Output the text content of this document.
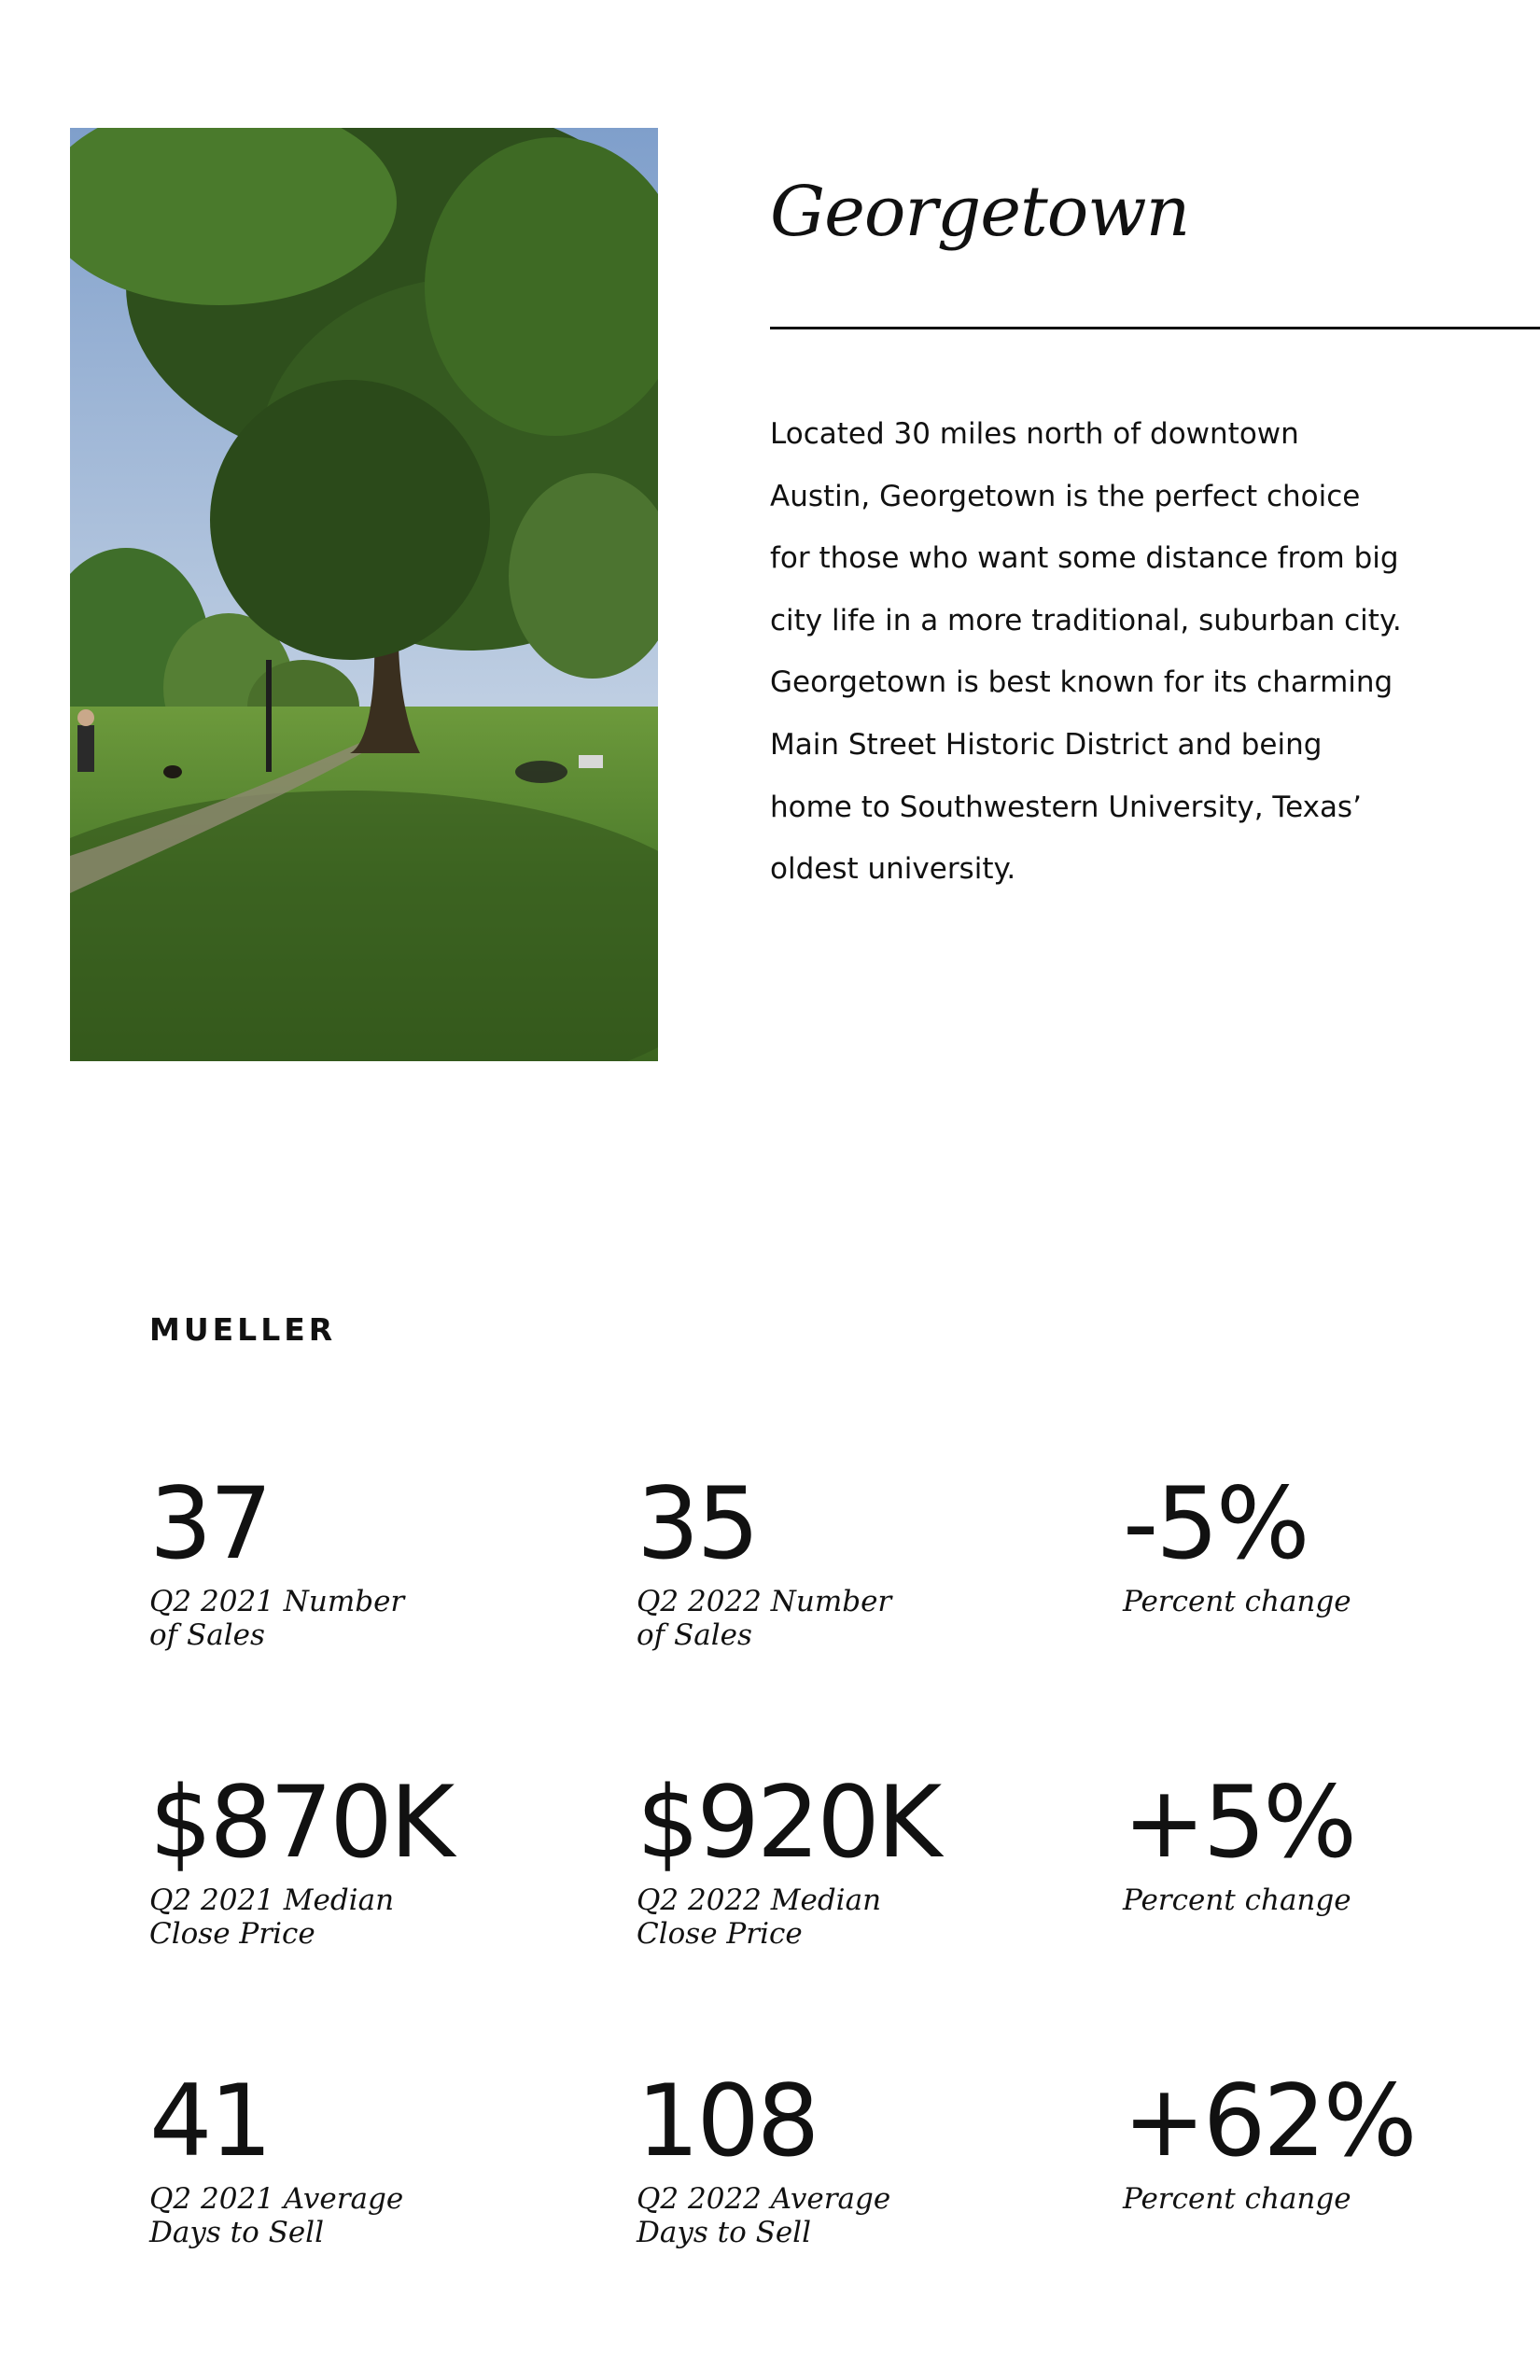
Georgetown

Located 30 miles north of downtown
Austin, Georgetown is the perfect choice
for those who want some distance from big
city life in a more traditional, suburban city.
Georgetown is best known for its charming
Main Street Historic District and being
home to Southwestern University, Texas’
oldest university.

MUELLER
37
Q2 2021 Number
of Sales
35
Q2 2022 Number
of Sales
-5%
Percent change
$870K
Q2 2021 Median
Close Price
$920K
Q2 2022 Median
Close Price
+5%
Percent change
41
Q2 2021 Average
Days to Sell
108
Q2 2022 Average
Days to Sell
+62%
Percent change
